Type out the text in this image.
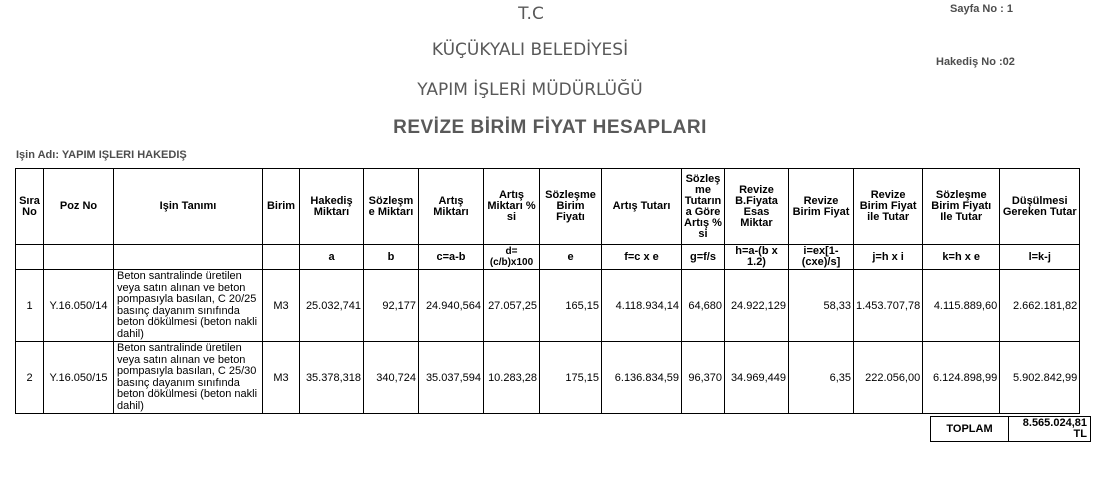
T.C
KÜÇÜKYALI BELEDİYESİ
YAPIM İŞLERİ MÜDÜRLÜĞÜ
REVİZE BİRİM FİYAT HESAPLARI
Sayfa No : 1
Hakediş No :02
Işin Adı: YAPIM IŞLERI HAKEDIŞ
Sıra No	Poz No	Işin Tanımı	Birim	Hakediş Miktarı	Sözleşm e Miktarı	Artış Miktarı	Artış Miktarı % si	Sözleşme Birim Fiyatı	Artış Tutarı	Sözleş me Tutarın a Göre Artış % si	Revize B.Fiyata Esas Miktar	Revize Birim Fiyat	Revize Birim Fiyat ile Tutar	Sözleşme Birim Fiyatı Ile Tutar	Düşülmesi Gereken Tutar
				a	b	c=a-b	d=(c/b)x100	e	f=c x e	g=f/s	h=a-(b x 1.2)	i=ex[1-(cxe)/s]	j=h x i	k=h x e	l=k-j
1	Y.16.050/14	Beton santralinde üretilen veya satın alınan ve beton pompasıyla basılan, C 20/25 basınç dayanım sınıfında beton dökülmesi (beton nakli dahil)	M3	25.032,741	92,177	24.940,564	27.057,25	165,15	4.118.934,14	64,680	24.922,129	58,33	1.453.707,78	4.115.889,60	2.662.181,82
2	Y.16.050/15	Beton santralinde üretilen veya satın alınan ve beton pompasıyla basılan, C 25/30 basınç dayanım sınıfında beton dökülmesi (beton nakli dahil)	M3	35.378,318	340,724	35.037,594	10.283,28	175,15	6.136.834,59	96,370	34.969,449	6,35	222.056,00	6.124.898,99	5.902.842,99
TOPLAM	8.565.024,81 TL
